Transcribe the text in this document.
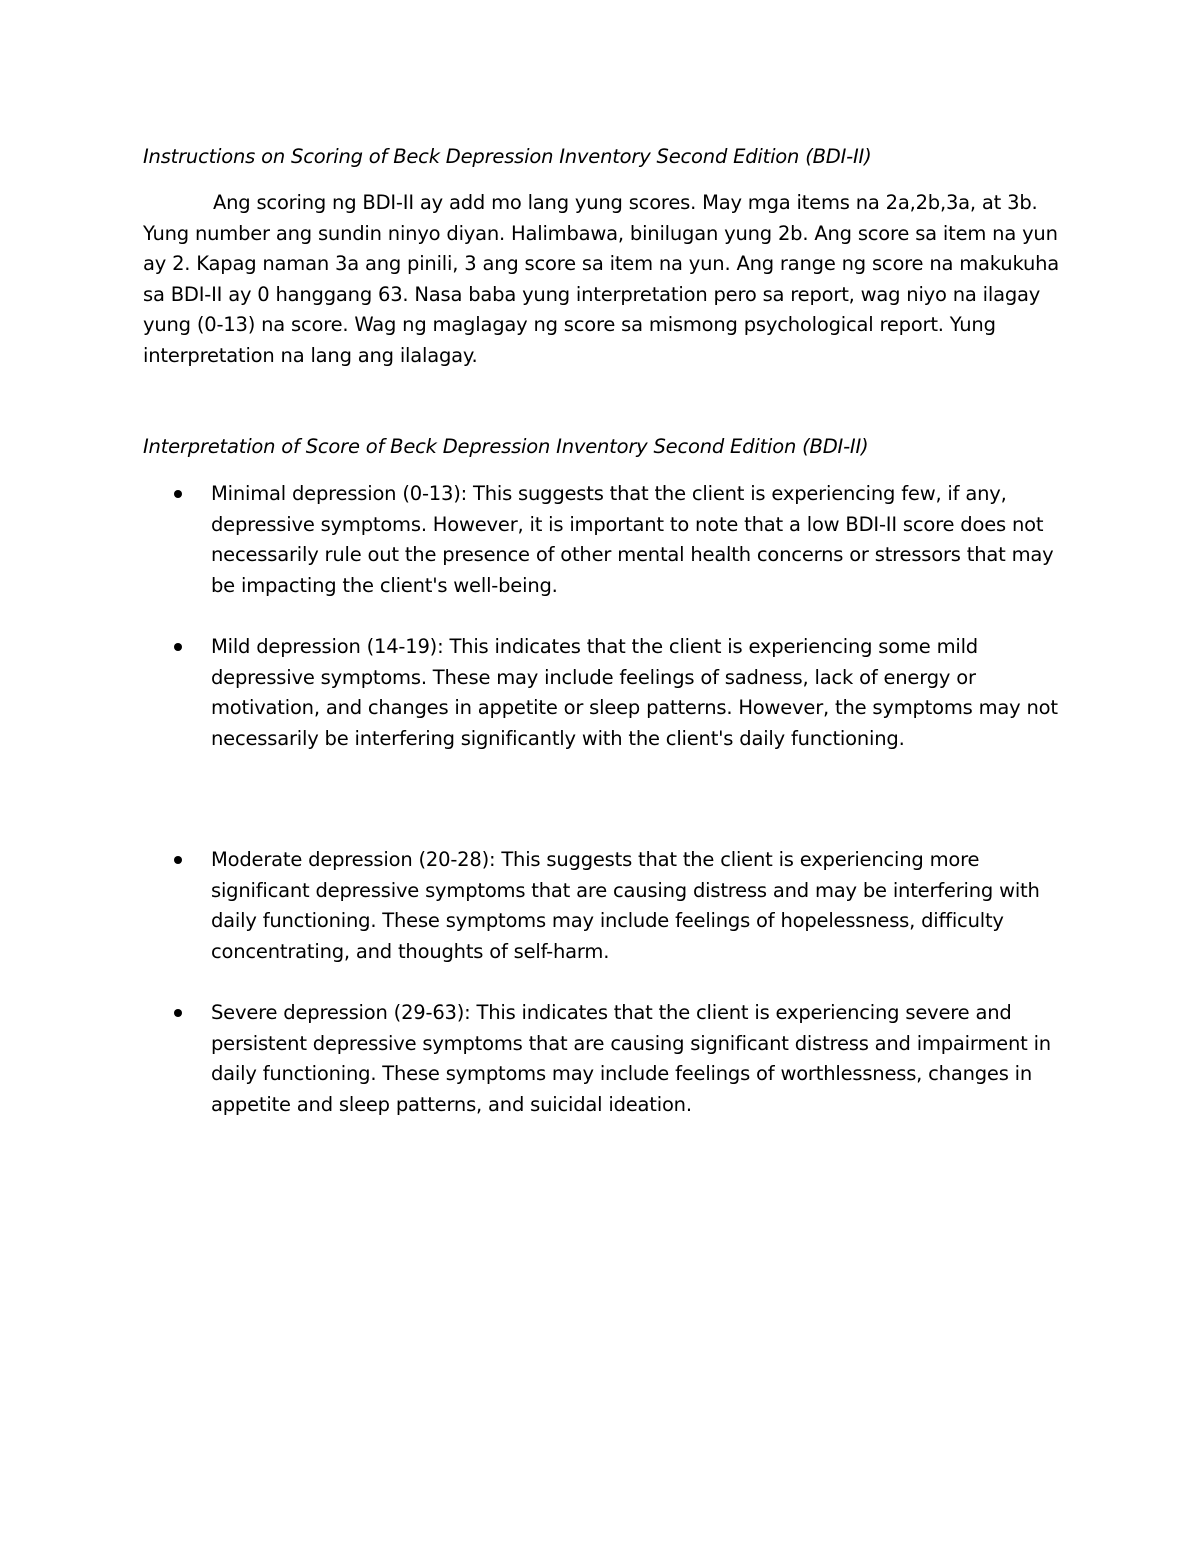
Instructions on Scoring of Beck Depression Inventory Second Edition (BDI-II)

Ang scoring ng BDI-II ay add mo lang yung scores. May mga items na 2a,2b,3a, at 3b. Yung number ang sundin ninyo diyan. Halimbawa, binilugan yung 2b. Ang score sa item na yun ay 2. Kapag naman 3a ang pinili, 3 ang score sa item na yun. Ang range ng score na makukuha sa BDI-II ay 0 hanggang 63. Nasa baba yung interpretation pero sa report, wag niyo na ilagay yung (0-13) na score. Wag ng maglagay ng score sa mismong psychological report. Yung interpretation na lang ang ilalagay.

Interpretation of Score of Beck Depression Inventory Second Edition (BDI-II)
Minimal depression (0-13): This suggests that the client is experiencing few, if any, depressive symptoms. However, it is important to note that a low BDI-II score does not necessarily rule out the presence of other mental health concerns or stressors that may be impacting the client's well-being.
Mild depression (14-19): This indicates that the client is experiencing some mild depressive symptoms. These may include feelings of sadness, lack of energy or motivation, and changes in appetite or sleep patterns. However, the symptoms may not necessarily be interfering significantly with the client's daily functioning.
Moderate depression (20-28): This suggests that the client is experiencing more significant depressive symptoms that are causing distress and may be interfering with daily functioning. These symptoms may include feelings of hopelessness, difficulty concentrating, and thoughts of self-harm.
Severe depression (29-63): This indicates that the client is experiencing severe and persistent depressive symptoms that are causing significant distress and impairment in daily functioning. These symptoms may include feelings of worthlessness, changes in appetite and sleep patterns, and suicidal ideation.
